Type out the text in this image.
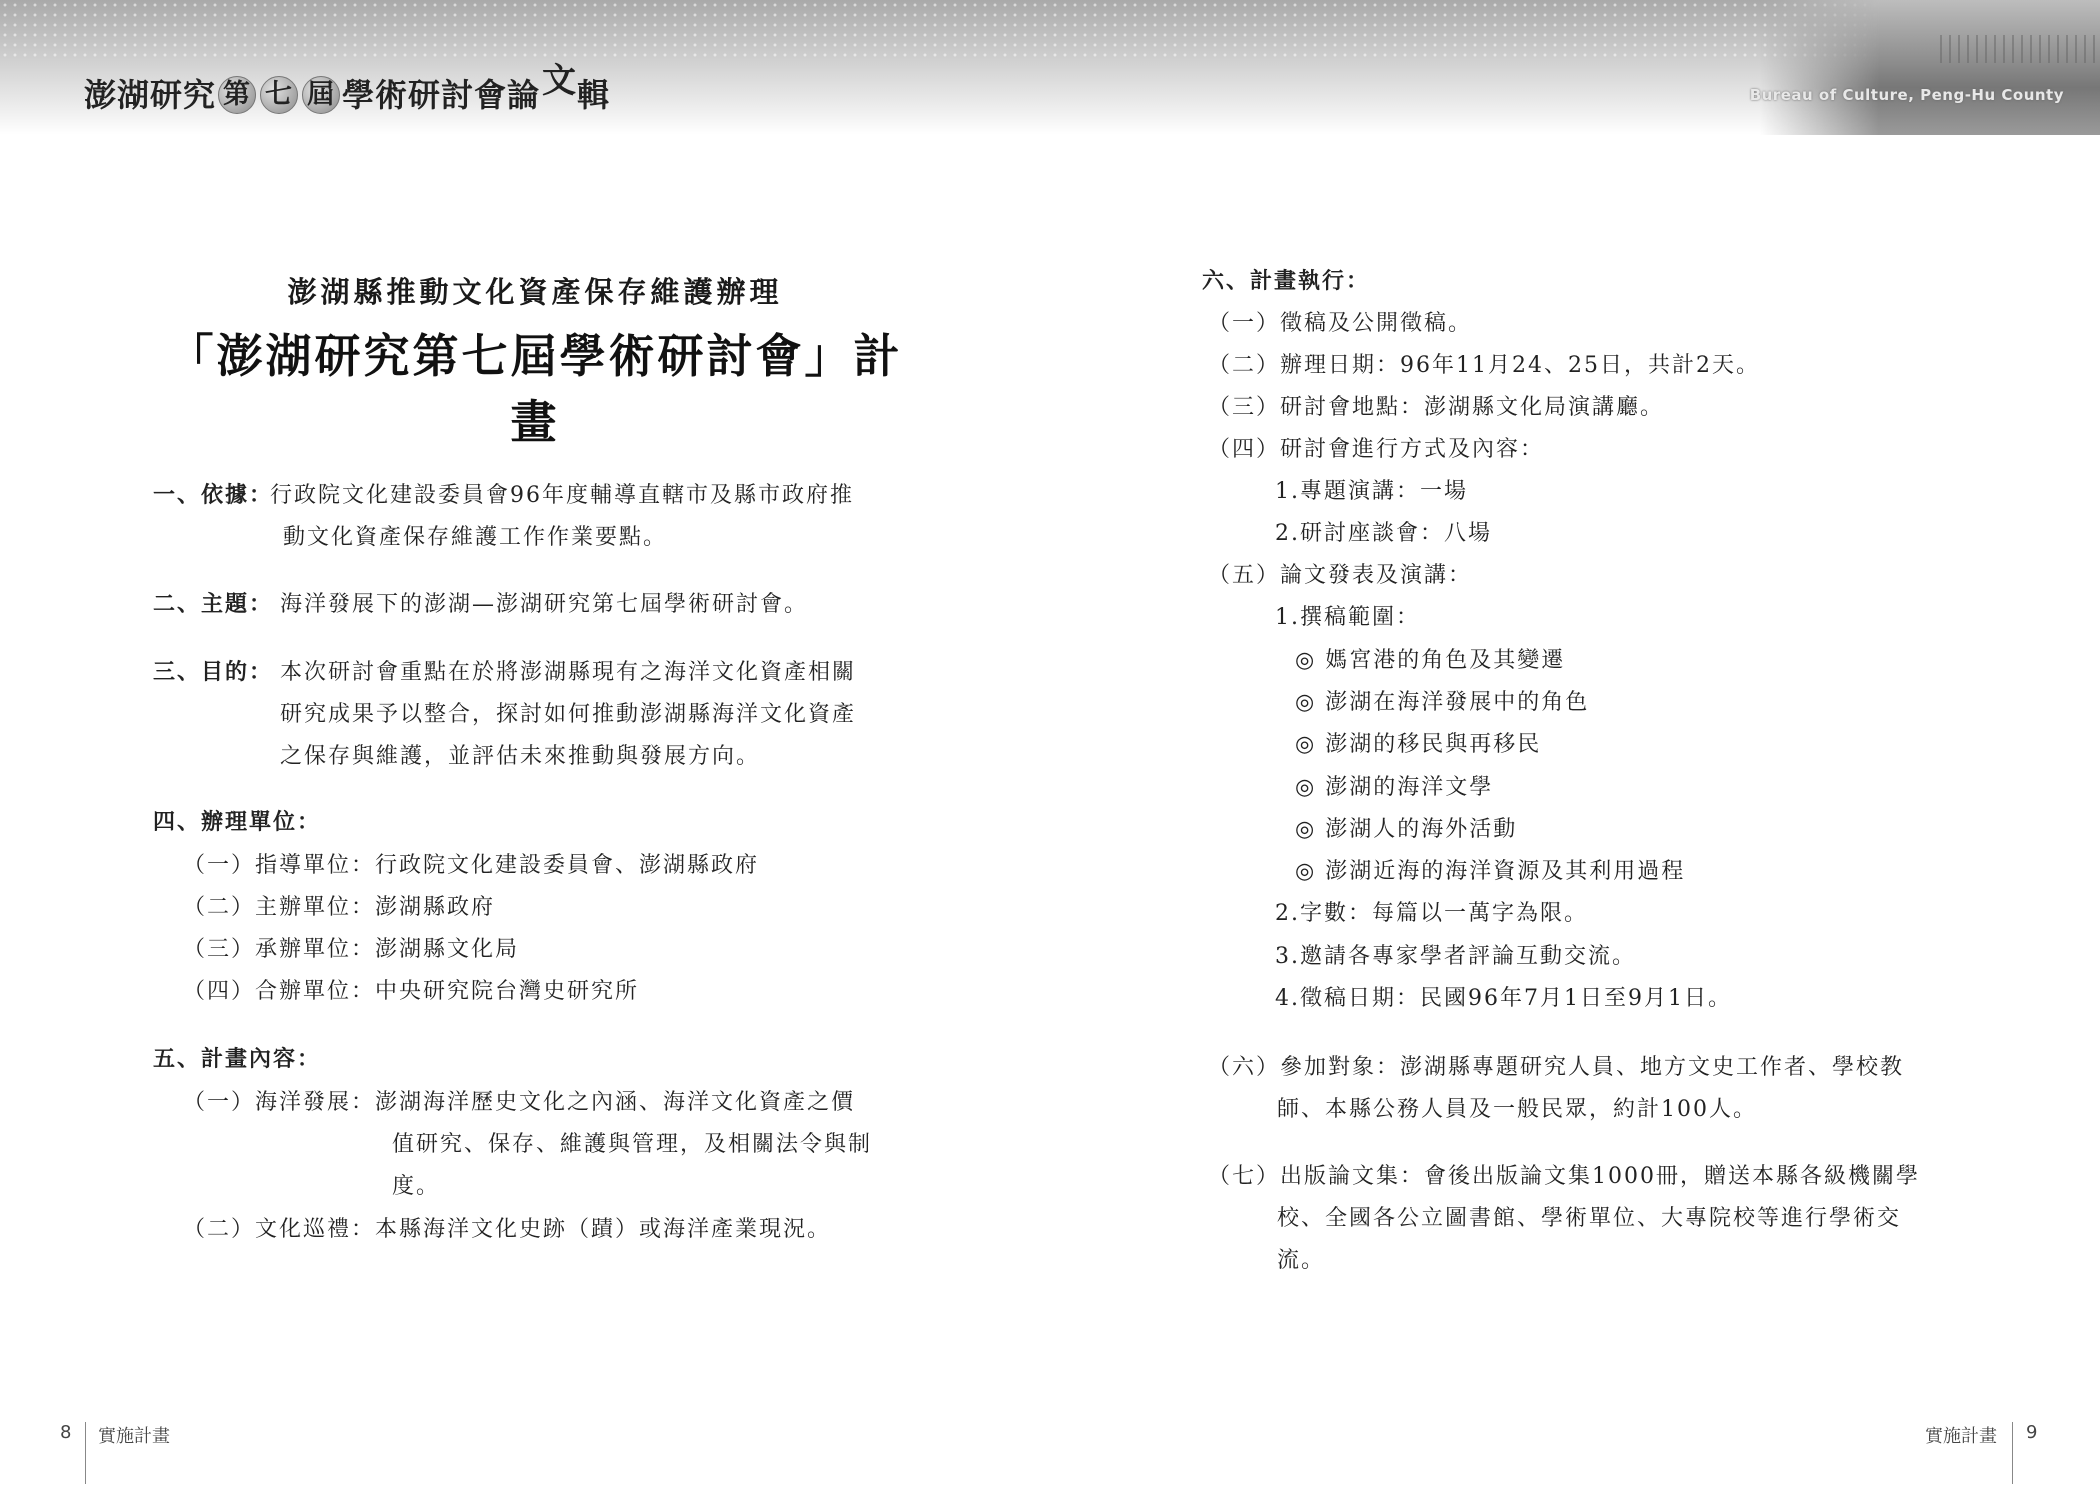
澎湖研究 第 七 屆 學術研討會 論 文 輯	Bureau of Culture, Peng-Hu County
澎湖縣推動文化資產保存維護辦理
「澎湖研究第七屆學術研討會」計畫
一、依據：
行政院文化建設委員會96年度輔導直轄市及縣市政府推
動文化資產保存維護工作作業要點。
二、主題： 海洋發展下的澎湖—澎湖研究第七屆學術研討會。
三、目的： 本次研討會重點在於將澎湖縣現有之海洋文化資產相關
研究成果予以整合，探討如何推動澎湖縣海洋文化資產
之保存與維護，並評估未來推動與發展方向。
四、辦理單位：
（一）指導單位：行政院文化建設委員會、澎湖縣政府
（二）主辦單位：澎湖縣政府
（三）承辦單位：澎湖縣文化局
（四）合辦單位：中央研究院台灣史研究所
五、計畫內容：
（一）海洋發展：澎湖海洋歷史文化之內涵、海洋文化資產之價
值研究、保存、維護與管理，及相關法令與制
度。
（二）文化巡禮：本縣海洋文化史跡（蹟）或海洋產業現況。
六、計畫執行：
（一）徵稿及公開徵稿。
（二）辦理日期：96年11月24、25日，共計2天。
（三）研討會地點：澎湖縣文化局演講廳。
（四）研討會進行方式及內容：
1.專題演講：一場
2.研討座談會：八場
（五）論文發表及演講：
1.撰稿範圍：
◎ 媽宮港的角色及其變遷
◎ 澎湖在海洋發展中的角色
◎ 澎湖的移民與再移民
◎ 澎湖的海洋文學
◎ 澎湖人的海外活動
◎ 澎湖近海的海洋資源及其利用過程
2.字數：每篇以一萬字為限。
3.邀請各專家學者評論互動交流。
4.徵稿日期：民國96年7月1日至9月1日。
（六）參加對象：澎湖縣專題研究人員、地方文史工作者、學校教
師、本縣公務人員及一般民眾，約計100人。
（七）出版論文集：會後出版論文集1000冊，贈送本縣各級機關學
校、全國各公立圖書館、學術單位、大專院校等進行學術交
流。
8 實施計畫	實施計畫 9
